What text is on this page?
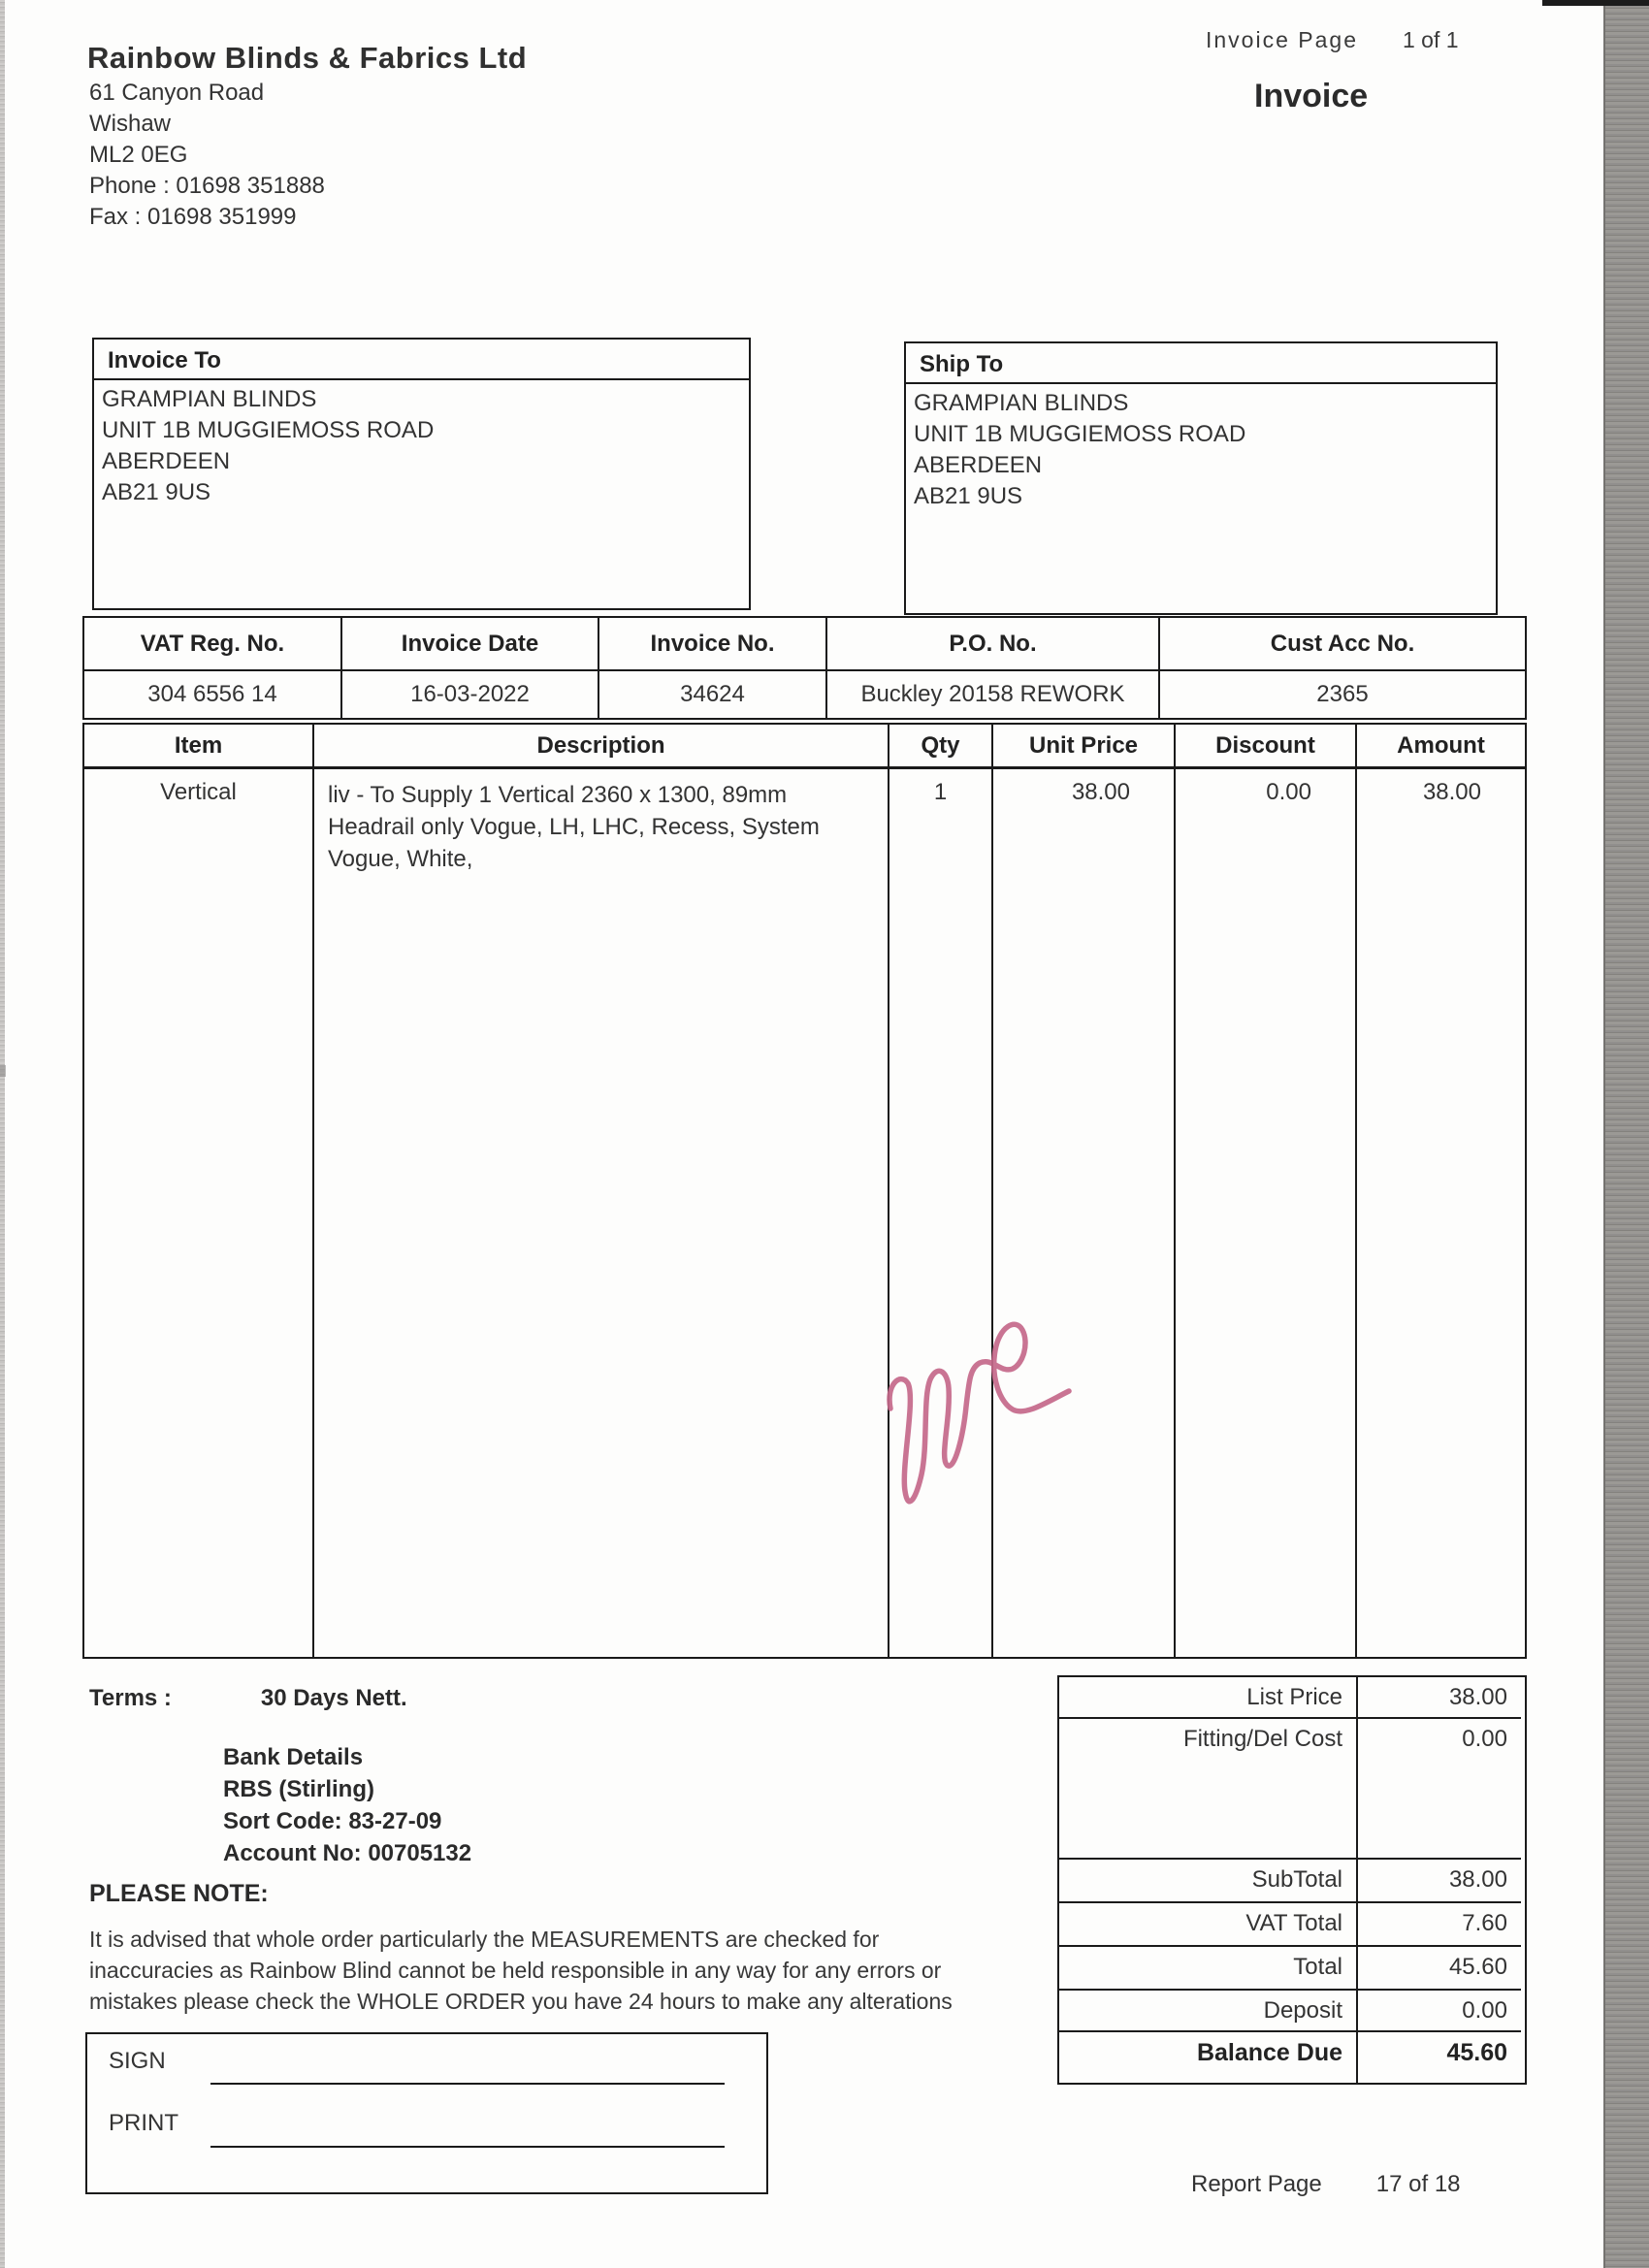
Invoice Page 1 of 1
Rainbow Blinds & Fabrics Ltd
61 Canyon Road
Wishaw
ML2 0EG
Phone : 01698 351888
Fax : 01698 351999
Invoice
Invoice To
GRAMPIAN BLINDS
UNIT 1B MUGGIEMOSS ROAD
ABERDEEN
AB21 9US
Ship To
GRAMPIAN BLINDS
UNIT 1B MUGGIEMOSS ROAD
ABERDEEN
AB21 9US
VAT Reg. No.	Invoice Date	Invoice No.	P.O. No.	Cust Acc No.
304 6556 14	16-03-2022	34624	Buckley 20158 REWORK	2365
Item	Description	Qty	Unit Price	Discount	Amount
Vertical	liv - To Supply 1 Vertical 2360 x 1300, 89mm
Headrail only Vogue, LH, LHC, Recess, System
Vogue, White,
1	38.00	0.00	38.00
Terms :	30 Days Nett.
Bank Details
RBS (Stirling)
Sort Code: 83-27-09
Account No: 00705132
PLEASE NOTE:
It is advised that whole order particularly the MEASUREMENTS are checked for
inaccuracies as Rainbow Blind cannot be held responsible in any way for any errors or
mistakes please check the WHOLE ORDER you have 24 hours to make any alterations
List Price	38.00
Fitting/Del Cost	0.00
SubTotal	38.00
VAT Total	7.60
Total	45.60
Deposit	0.00
Balance Due	45.60
SIGN
PRINT
Report Page 17 of 18
